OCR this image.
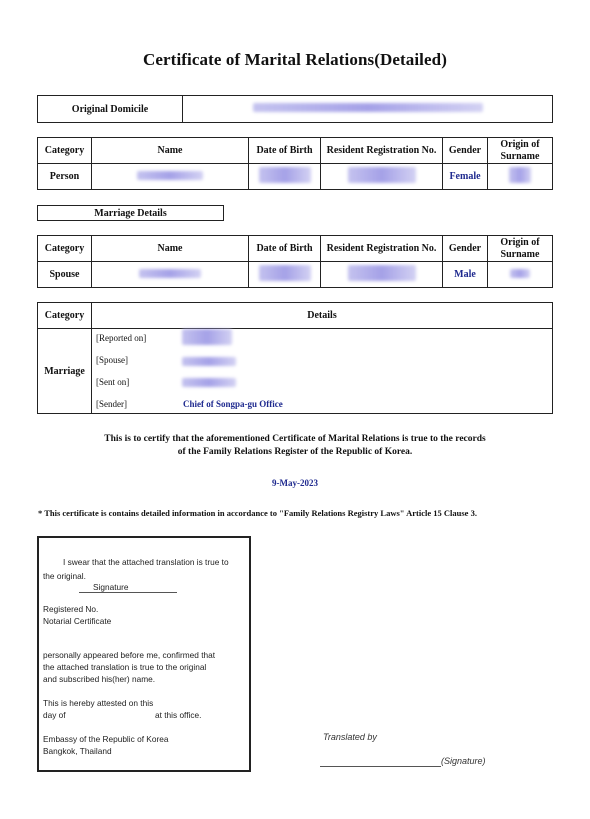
Certificate of Marital Relations(Detailed)
Original Domicile	
Category	Name	Date of Birth	Resident Registration No.	Gender	Origin of Surname
Person				Female	
Marriage Details
Category	Name	Date of Birth	Resident Registration No.	Gender	Origin of Surname
Spouse				Male	
Category	Details
Marriage	[Reported on]
[Spouse]
[Sent on]
[Sender] Chief of Songpa-gu Office
This is to certify that the aforementioned Certificate of Marital Relations is true to the records
of the Family Relations Register of the Republic of Korea.
9-May-2023
* This certificate is contains detailed information in accordance to "Family Relations Registry Laws" Article 15 Clause 3.
I swear that the attached translation is true to
the original.
Signature
Registered No.
Notarial Certificate
personally appeared before me, confirmed that
the attached translation is true to the original
and subscribed his(her) name.
This is hereby attested on this
day of	at this office.
Embassy of the Republic of Korea
Bangkok, Thailand
Translated by
(Signature)
